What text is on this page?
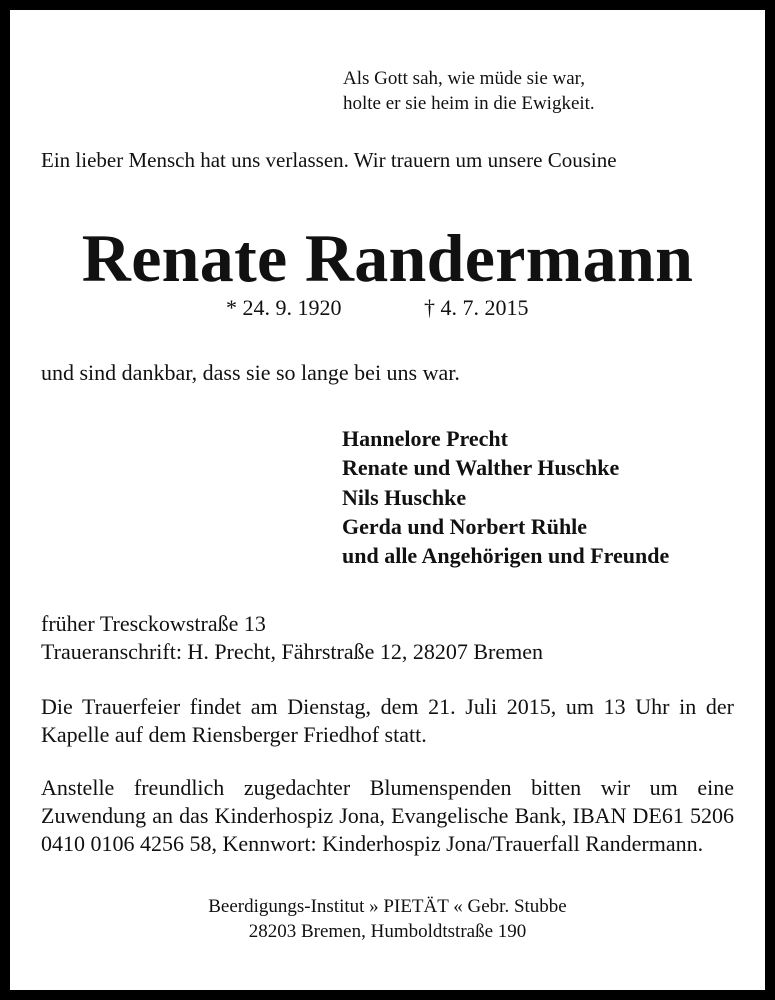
Als Gott sah, wie müde sie war,
holte er sie heim in die Ewigkeit.
Ein lieber Mensch hat uns verlassen. Wir trauern um unsere Cousine
Renate Randermann
* 24. 9. 1920	† 4. 7. 2015
und sind dankbar, dass sie so lange bei uns war.
Hannelore Precht
Renate und Walther Huschke
Nils Huschke
Gerda und Norbert Rühle
und alle Angehörigen und Freunde
früher Tresckowstraße 13
Traueranschrift: H. Precht, Fährstraße 12, 28207 Bremen
Die Trauerfeier findet am Dienstag, dem 21. Juli 2015, um 13 Uhr in der Kapelle auf dem Riensberger Friedhof statt.
Anstelle freundlich zugedachter Blumenspenden bitten wir um eine Zuwendung an das Kinderhospiz Jona, Evangelische Bank, IBAN DE61 5206 0410 0106 4256 58, Kennwort: Kinderhospiz Jona/Trauerfall Randermann.
Beerdigungs-Institut » PIETÄT « Gebr. Stubbe
28203 Bremen, Humboldtstraße 190
